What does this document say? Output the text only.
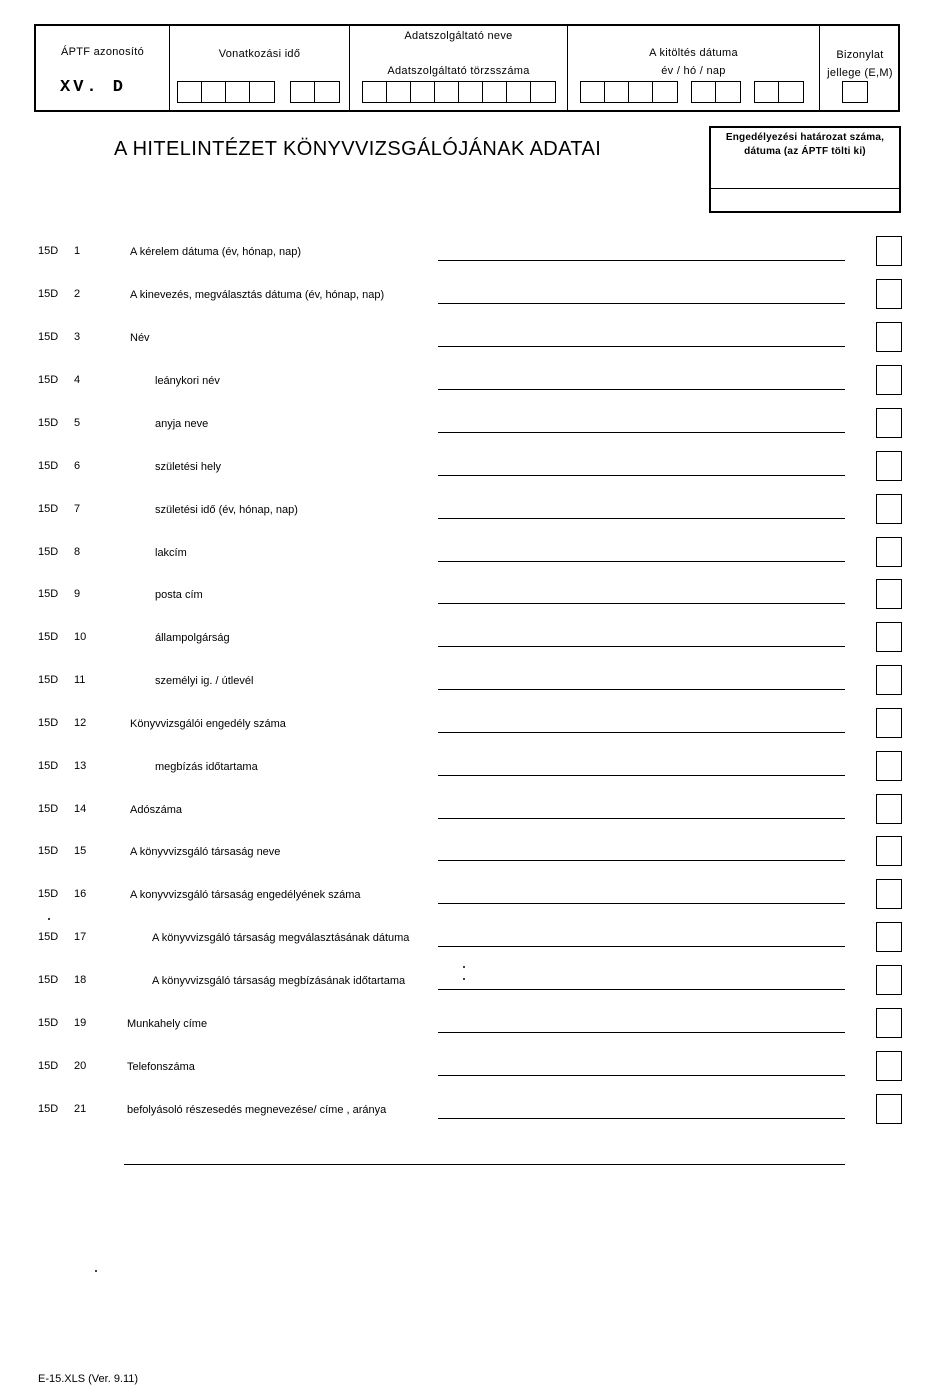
ÁPTF azonosító
XV. D
Vonatkozási idő
Adatszolgáltató neve
Adatszolgáltató törzsszáma
A kitöltés dátuma
év / hó / nap
Bizonylat
jellege (E,M)
A HITELINTÉZET KÖNYVVIZSGÁLÓJÁNAK ADATAI
Engedélyezési határozat száma, dátuma (az ÁPTF tölti ki)
15D 1	A kérelem dátuma (év, hónap, nap)
15D 2	A kinevezés, megválasztás dátuma (év, hónap, nap)
15D 3	Név
15D 4	leánykori név
15D 5	anyja neve
15D 6	születési hely
15D 7	születési idő (év, hónap, nap)
15D 8	lakcím
15D 9	posta cím
15D 10	állampolgárság
15D 11	személyi ig. / útlevél
15D 12	Könyvvizsgálói engedély száma
15D 13	megbízás időtartama
15D 14	Adószáma
15D 15	A könyvvizsgáló társaság neve
15D 16	A konyvvizsgáló társaság engedélyének száma
15D 17	A könyvvizsgáló társaság megválasztásának dátuma
15D 18	A könyvvizsgáló társaság megbízásának időtartama
15D 19	Munkahely címe
15D 20	Telefonszáma
15D 21	befolyásoló részesedés megnevezése/ címe , aránya
E-15.XLS (Ver. 9.11)
